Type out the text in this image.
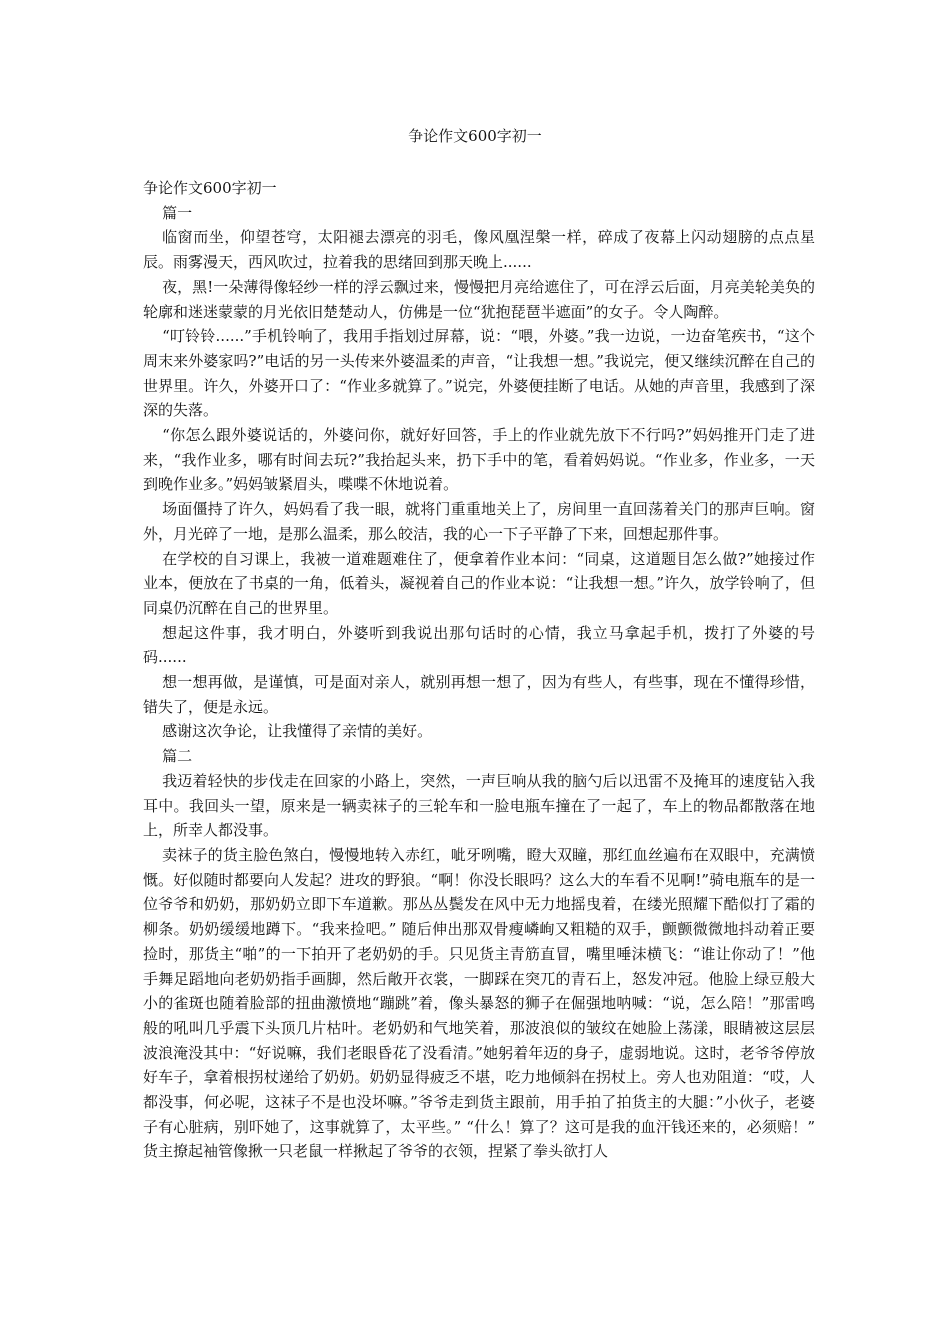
争论作文600字初一

争论作文600字初一

篇一

临窗而坐，仰望苍穹，太阳褪去漂亮的羽毛，像风凰涅槃一样，碎成了夜幕上闪动翅膀的点点星辰。雨雾漫天，西风吹过，拉着我的思绪回到那天晚上......

夜，黑!一朵薄得像轻纱一样的浮云飘过来，慢慢把月亮给遮住了，可在浮云后面，月亮美轮美奂的轮廓和迷迷蒙蒙的月光依旧楚楚动人，仿佛是一位“犹抱琵琶半遮面”的女子。令人陶醉。

“叮铃铃......”手机铃响了，我用手指划过屏幕，说：“喂，外婆。”我一边说，一边奋笔疾书，“这个周末来外婆家吗?”电话的另一头传来外婆温柔的声音，“让我想一想。”我说完，便又继续沉醉在自己的世界里。许久，外婆开口了：“作业多就算了。”说完，外婆便挂断了电话。从她的声音里，我感到了深深的失落。

“你怎么跟外婆说话的，外婆问你，就好好回答，手上的作业就先放下不行吗?”妈妈推开门走了进来，“我作业多，哪有时间去玩?”我抬起头来，扔下手中的笔，看着妈妈说。“作业多，作业多，一天到晚作业多。”妈妈皱紧眉头，喋喋不休地说着。

场面僵持了许久，妈妈看了我一眼，就将门重重地关上了，房间里一直回荡着关门的那声巨响。窗外，月光碎了一地，是那么温柔，那么皎洁，我的心一下子平静了下来，回想起那件事。

在学校的自习课上，我被一道难题难住了，便拿着作业本问：“同桌，这道题目怎么做?”她接过作业本，便放在了书桌的一角，低着头，凝视着自己的作业本说：“让我想一想。”许久，放学铃响了，但同桌仍沉醉在自己的世界里。

想起这件事，我才明白，外婆听到我说出那句话时的心情，我立马拿起手机，拨打了外婆的号码......

想一想再做，是谨慎，可是面对亲人，就别再想一想了，因为有些人，有些事，现在不懂得珍惜，错失了，便是永远。

感谢这次争论，让我懂得了亲情的美好。

篇二

我迈着轻快的步伐走在回家的小路上，突然，一声巨响从我的脑勺后以迅雷不及掩耳的速度钻入我耳中。我回头一望，原来是一辆卖袜子的三轮车和一脸电瓶车撞在了一起了，车上的物品都散落在地上，所幸人都没事。

卖袜子的货主脸色煞白，慢慢地转入赤红，呲牙咧嘴，瞪大双瞳，那红血丝遍布在双眼中，充满愤慨。好似随时都要向人发起？进攻的野狼。“啊！你没长眼吗？这么大的车看不见啊!”骑电瓶车的是一位爷爷和奶奶，那奶奶立即下车道歉。那丛丛鬓发在风中无力地摇曳着，在缕光照耀下酷似打了霜的柳条。奶奶缓缓地蹲下。“我来捡吧。” 随后伸出那双骨瘦嶙峋又粗糙的双手，颤颤微微地抖动着正要捡时，那货主“啪”的一下拍开了老奶奶的手。只见货主青筋直冒，嘴里唾沫横飞：“谁让你动了！”他手舞足蹈地向老奶奶指手画脚，然后敞开衣裳，一脚踩在突兀的青石上，怒发冲冠。他脸上绿豆般大小的雀斑也随着脸部的扭曲激愤地“蹦跳”着，像头暴怒的狮子在倔强地呐喊：“说，怎么陪！”那雷鸣般的吼叫几乎震下头顶几片枯叶。老奶奶和气地笑着，那波浪似的皱纹在她脸上荡漾，眼睛被这层层波浪淹没其中：“好说嘛，我们老眼昏花了没看清。”她躬着年迈的身子，虚弱地说。这时，老爷爷停放好车子，拿着根拐杖递给了奶奶。奶奶显得疲乏不堪，吃力地倾斜在拐杖上。旁人也劝阻道：“哎，人都没事，何必呢，这袜子不是也没坏嘛。”爷爷走到货主跟前，用手拍了拍货主的大腿：”小伙子，老婆子有心脏病，别吓她了，这事就算了，太平些。” “什么！算了？这可是我的血汗钱还来的，必须赔！” 货主撩起袖管像揪一只老鼠一样揪起了爷爷的衣领，捏紧了拳头欲打人
